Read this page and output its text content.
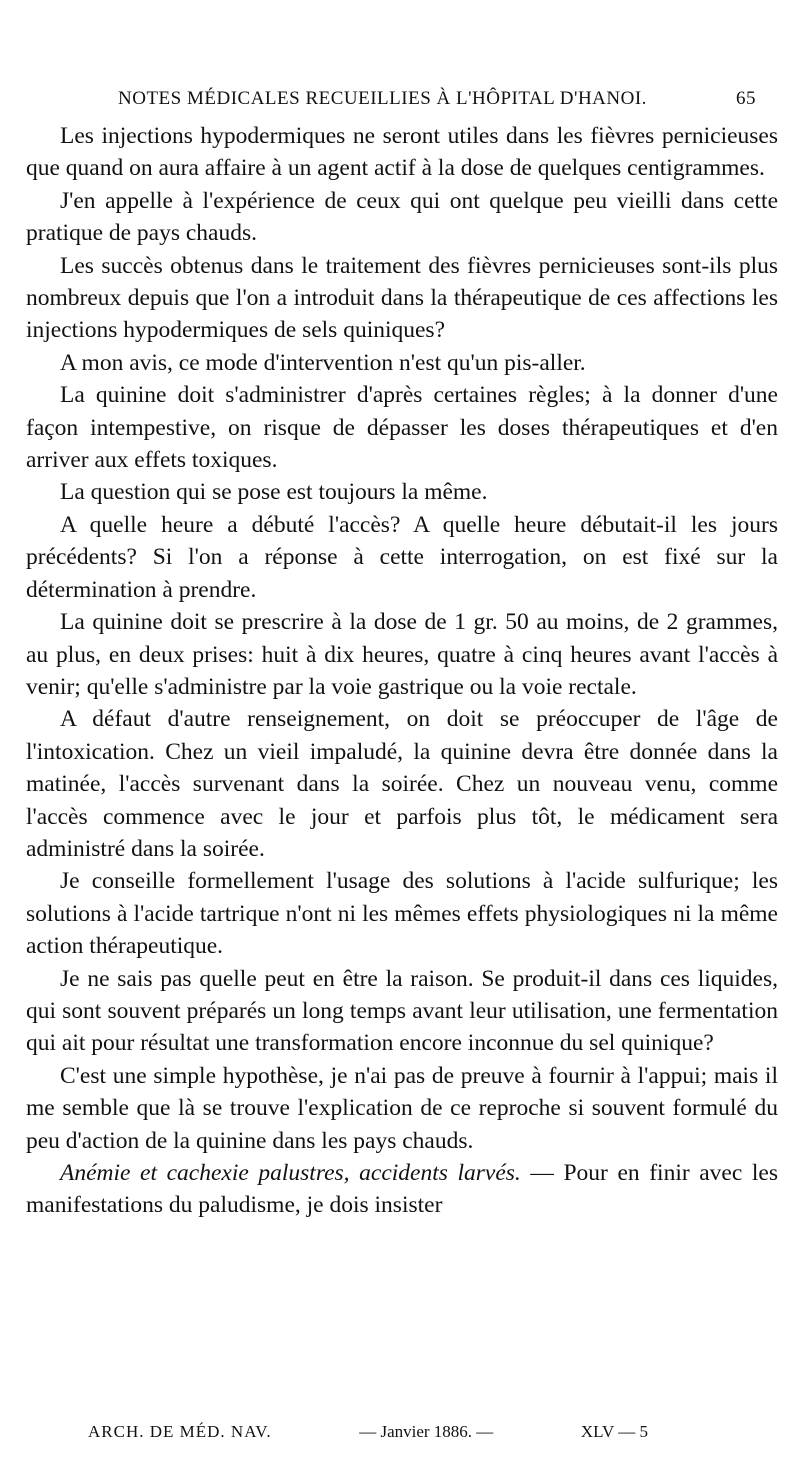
NOTES MÉDICALES RECUEILLIES À L'HÔPITAL D'HANOI.	65

Les injections hypodermiques ne seront utiles dans les fièvres pernicieuses que quand on aura affaire à un agent actif à la dose de quelques centigrammes.

J'en appelle à l'expérience de ceux qui ont quelque peu vieilli dans cette pratique de pays chauds.

Les succès obtenus dans le traitement des fièvres pernicieuses sont-ils plus nombreux depuis que l'on a introduit dans la thérapeutique de ces affections les injections hypodermiques de sels quiniques?

A mon avis, ce mode d'intervention n'est qu'un pis-aller.

La quinine doit s'administrer d'après certaines règles; à la donner d'une façon intempestive, on risque de dépasser les doses thérapeutiques et d'en arriver aux effets toxiques.

La question qui se pose est toujours la même.

A quelle heure a débuté l'accès? A quelle heure débutait-il les jours précédents? Si l'on a réponse à cette interrogation, on est fixé sur la détermination à prendre.

La quinine doit se prescrire à la dose de 1 gr. 50 au moins, de 2 grammes, au plus, en deux prises: huit à dix heures, quatre à cinq heures avant l'accès à venir; qu'elle s'administre par la voie gastrique ou la voie rectale.

A défaut d'autre renseignement, on doit se préoccuper de l'âge de l'intoxication. Chez un vieil impaludé, la quinine devra être donnée dans la matinée, l'accès survenant dans la soirée. Chez un nouveau venu, comme l'accès commence avec le jour et parfois plus tôt, le médicament sera administré dans la soirée.

Je conseille formellement l'usage des solutions à l'acide sulfurique; les solutions à l'acide tartrique n'ont ni les mêmes effets physiologiques ni la même action thérapeutique.

Je ne sais pas quelle peut en être la raison. Se produit-il dans ces liquides, qui sont souvent préparés un long temps avant leur utilisation, une fermentation qui ait pour résultat une transformation encore inconnue du sel quinique?

C'est une simple hypothèse, je n'ai pas de preuve à fournir à l'appui; mais il me semble que là se trouve l'explication de ce reproche si souvent formulé du peu d'action de la quinine dans les pays chauds.

Anémie et cachexie palustres, accidents larvés. — Pour en finir avec les manifestations du paludisme, je dois insister

ARCH. DE MÉD. NAV.	— Janvier 1886. —	XLV — 5
